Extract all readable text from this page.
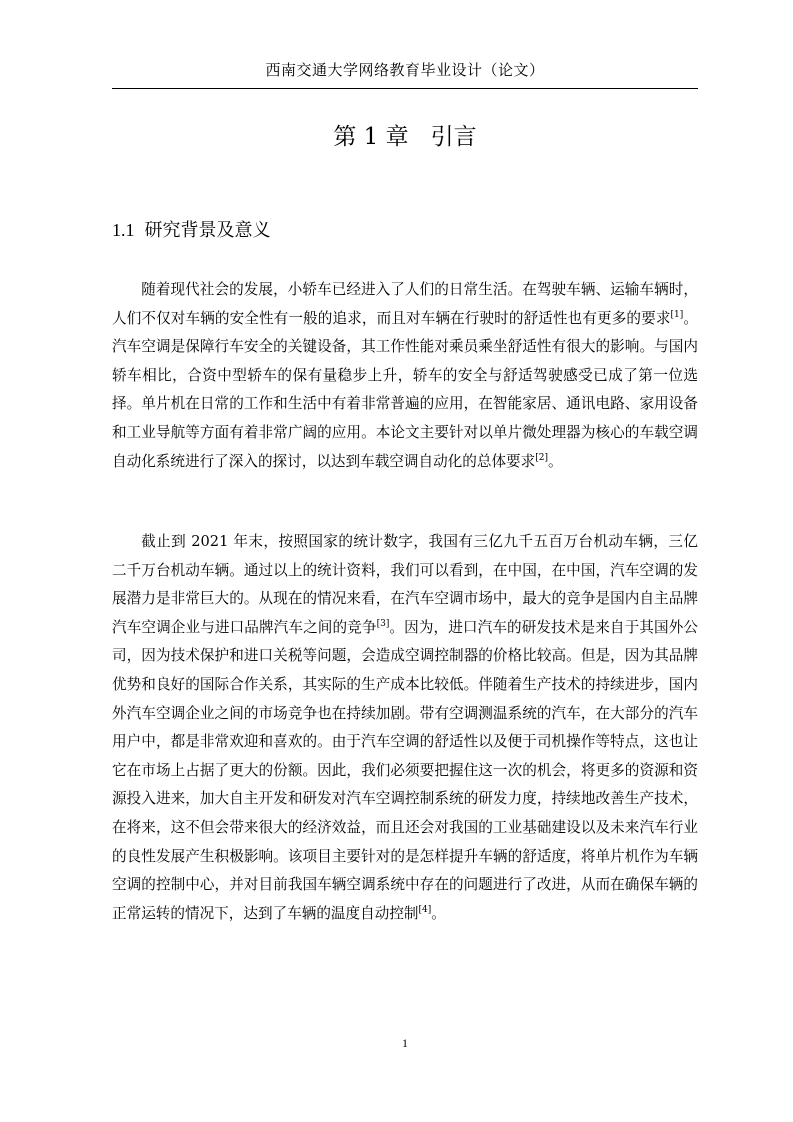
西南交通大学网络教育毕业设计（论文）
第 1 章 引言
1.1 研究背景及意义

随着现代社会的发展，小轿车已经进入了人们的日常生活。在驾驶车辆、运输车辆时，人们不仅对车辆的安全性有一般的追求，而且对车辆在行驶时的舒适性也有更多的要求[1]。汽车空调是保障行车安全的关键设备，其工作性能对乘员乘坐舒适性有很大的影响。与国内轿车相比，合资中型轿车的保有量稳步上升，轿车的安全与舒适驾驶感受已成了第一位选择。单片机在日常的工作和生活中有着非常普遍的应用，在智能家居、通讯电路、家用设备和工业导航等方面有着非常广阔的应用。本论文主要针对以单片微处理器为核心的车载空调自动化系统进行了深入的探讨，以达到车载空调自动化的总体要求[2]。

截止到 2021 年末，按照国家的统计数字，我国有三亿九千五百万台机动车辆，三亿二千万台机动车辆。通过以上的统计资料，我们可以看到，在中国，在中国，汽车空调的发展潜力是非常巨大的。从现在的情况来看，在汽车空调市场中，最大的竞争是国内自主品牌汽车空调企业与进口品牌汽车之间的竞争[3]。因为，进口汽车的研发技术是来自于其国外公司，因为技术保护和进口关税等问题，会造成空调控制器的价格比较高。但是，因为其品牌优势和良好的国际合作关系，其实际的生产成本比较低。伴随着生产技术的持续进步，国内外汽车空调企业之间的市场竞争也在持续加剧。带有空调测温系统的汽车，在大部分的汽车用户中，都是非常欢迎和喜欢的。由于汽车空调的舒适性以及便于司机操作等特点，这也让它在市场上占据了更大的份额。因此，我们必须要把握住这一次的机会，将更多的资源和资源投入进来，加大自主开发和研发对汽车空调控制系统的研发力度，持续地改善生产技术，在将来，这不但会带来很大的经济效益，而且还会对我国的工业基础建设以及未来汽车行业的良性发展产生积极影响。该项目主要针对的是怎样提升车辆的舒适度，将单片机作为车辆空调的控制中心，并对目前我国车辆空调系统中存在的问题进行了改进，从而在确保车辆的正常运转的情况下，达到了车辆的温度自动控制[4]。

1
